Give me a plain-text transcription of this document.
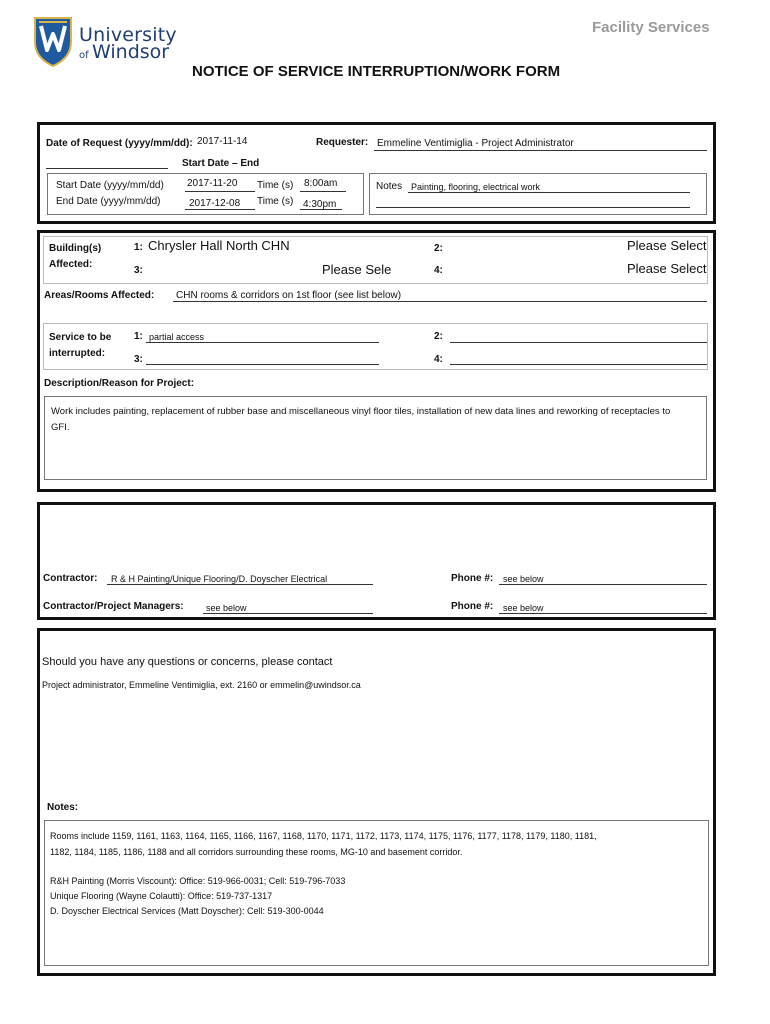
University
of Windsor
Facility Services
NOTICE OF SERVICE INTERRUPTION/WORK FORM
Date of Request (yyyy/mm/dd): 2017-11-14	Requester: Emmeline Ventimiglia - Project Administrator
Start Date – End
Start Date (yyyy/mm/dd) 2017-11-20 Time (s) 8:00am
End Date (yyyy/mm/dd)	2017-12-08 Time (s) 4:30pm
Notes Painting, flooring, electrical work
Building(s)
Affected:
1: Chrysler Hall North CHN	2:	Please Select
3:	Please Sele	4:	Please Select
Areas/Rooms Affected: CHN rooms & corridors on 1st floor (see list below)
Service to be
interrupted:
1: partial access	2:
3:	4:
Description/Reason for Project:
Work includes painting, replacement of rubber base and miscellaneous vinyl floor tiles, installation of new data lines and reworking of receptacles to GFI.
Contractor: R & H Painting/Unique Flooring/D. Doyscher Electrical	Phone #: see below
Contractor/Project Managers: see below	Phone #: see below
Should you have any questions or concerns, please contact
Project administrator, Emmeline Ventimiglia, ext. 2160 or emmelin@uwindsor.ca
Notes:
Rooms include 1159, 1161, 1163, 1164, 1165, 1166, 1167, 1168, 1170, 1171, 1172, 1173, 1174, 1175, 1176, 1177, 1178, 1179, 1180, 1181,
1182, 1184, 1185, 1186, 1188 and all corridors surrounding these rooms, MG-10 and basement corridor.
R&H Painting (Morris Viscount): Office: 519-966-0031; Cell: 519-796-7033
Unique Flooring (Wayne Colautti): Office: 519-737-1317
D. Doyscher Electrical Services (Matt Doyscher): Cell: 519-300-0044
